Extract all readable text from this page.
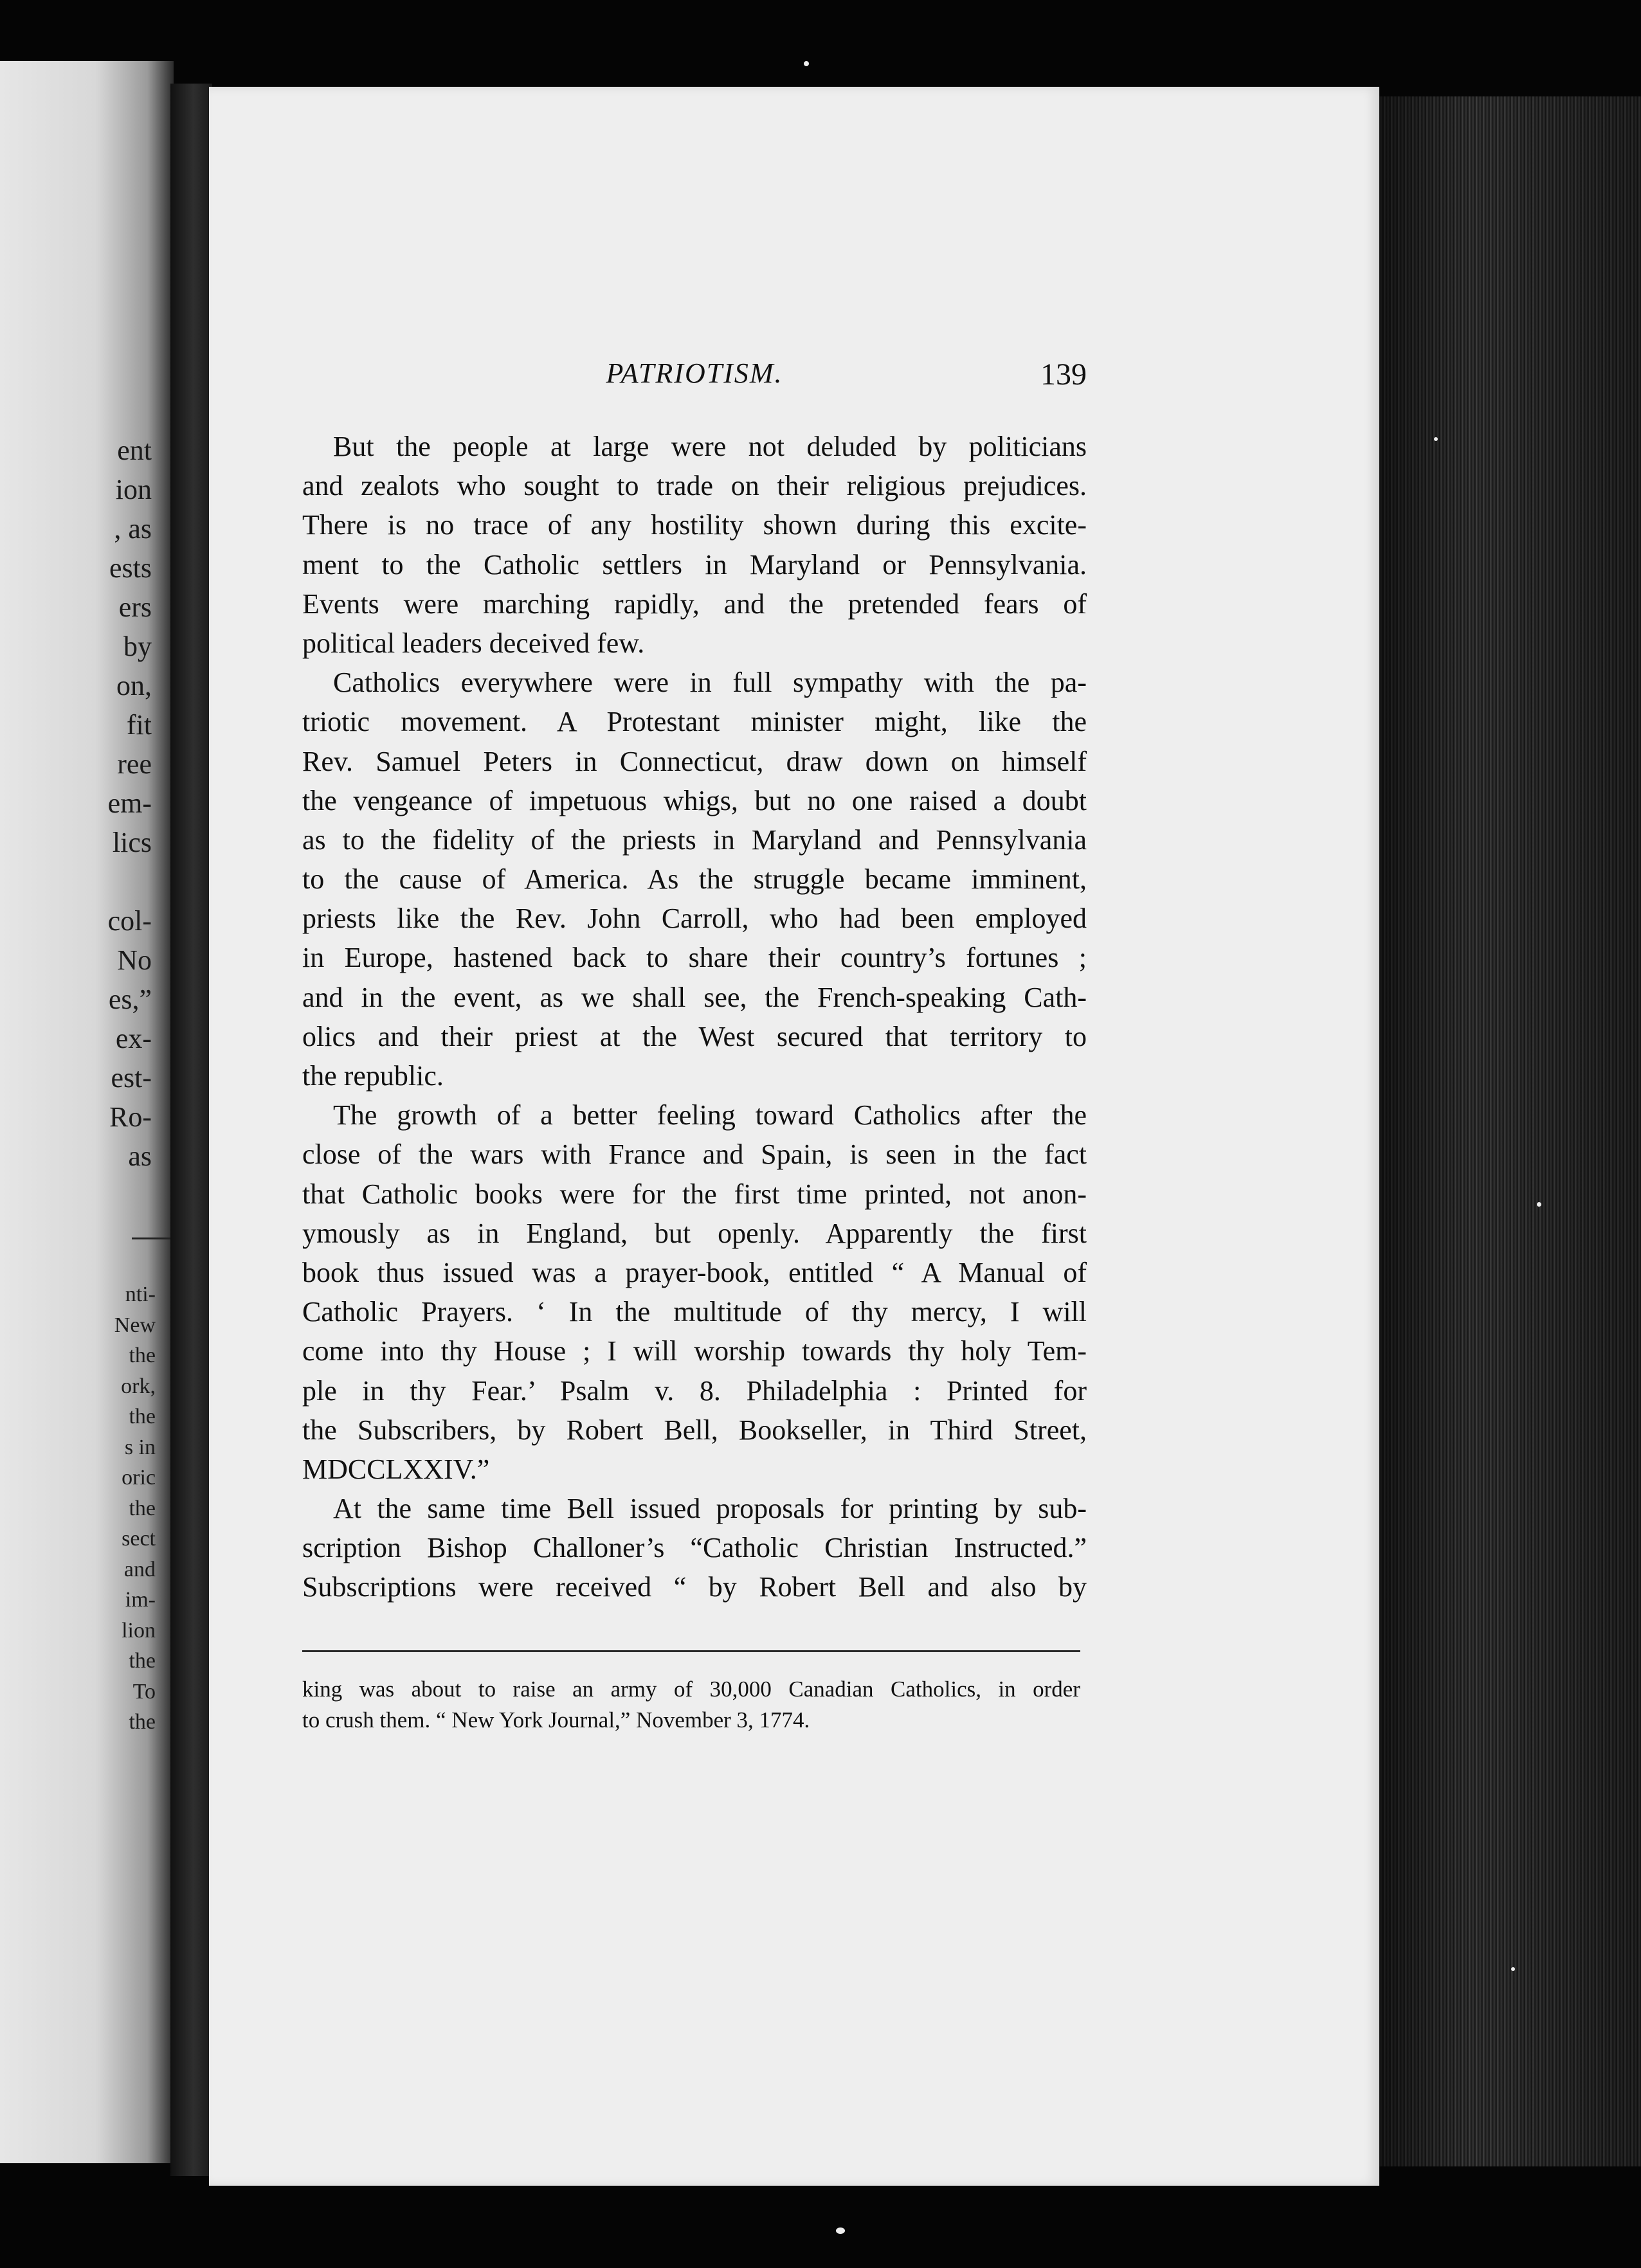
ent
ion
, as
ests
ers
by
on,
fit
ree
em-
lics
col-
No
es,”
ex-
est-
Ro-
as
nti-
New
the
ork,
the
s in
oric
the
sect
and
im-
lion
the
To
the
PATRIOTISM.	139
But the people at large were not deluded by politicians
and zealots who sought to trade on their religious prejudices.
There is no trace of any hostility shown during this excite-
ment to the Catholic settlers in Maryland or Pennsylvania.
Events were marching rapidly, and the pretended fears of
political leaders deceived few.
Catholics everywhere were in full sympathy with the pa-
triotic movement. A Protestant minister might, like the
Rev. Samuel Peters in Connecticut, draw down on himself
the vengeance of impetuous whigs, but no one raised a doubt
as to the fidelity of the priests in Maryland and Pennsylvania
to the cause of America. As the struggle became imminent,
priests like the Rev. John Carroll, who had been employed
in Europe, hastened back to share their country’s fortunes ;
and in the event, as we shall see, the French-speaking Cath-
olics and their priest at the West secured that territory to
the republic.
The growth of a better feeling toward Catholics after the
close of the wars with France and Spain, is seen in the fact
that Catholic books were for the first time printed, not anon-
ymously as in England, but openly. Apparently the first
book thus issued was a prayer-book, entitled “ A Manual of
Catholic Prayers. ‘ In the multitude of thy mercy, I will
come into thy House ; I will worship towards thy holy Tem-
ple in thy Fear.’ Psalm v. 8. Philadelphia : Printed for
the Subscribers, by Robert Bell, Bookseller, in Third Street,
MDCCLXXIV.”
At the same time Bell issued proposals for printing by sub-
scription Bishop Challoner’s “Catholic Christian Instructed.”
Subscriptions were received “ by Robert Bell and also by
king was about to raise an army of 30,000 Canadian Catholics, in order
to crush them. “ New York Journal,” November 3, 1774.
